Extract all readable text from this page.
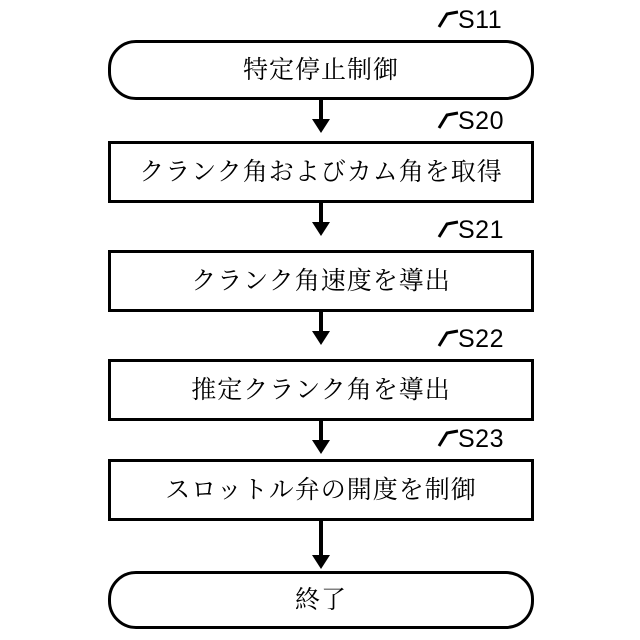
特定停止制御
S11
クランク角およびカム角を取得
S20
クランク角速度を導出
S21
推定クランク角を導出
S22
スロットル弁の開度を制御
S23
終了
